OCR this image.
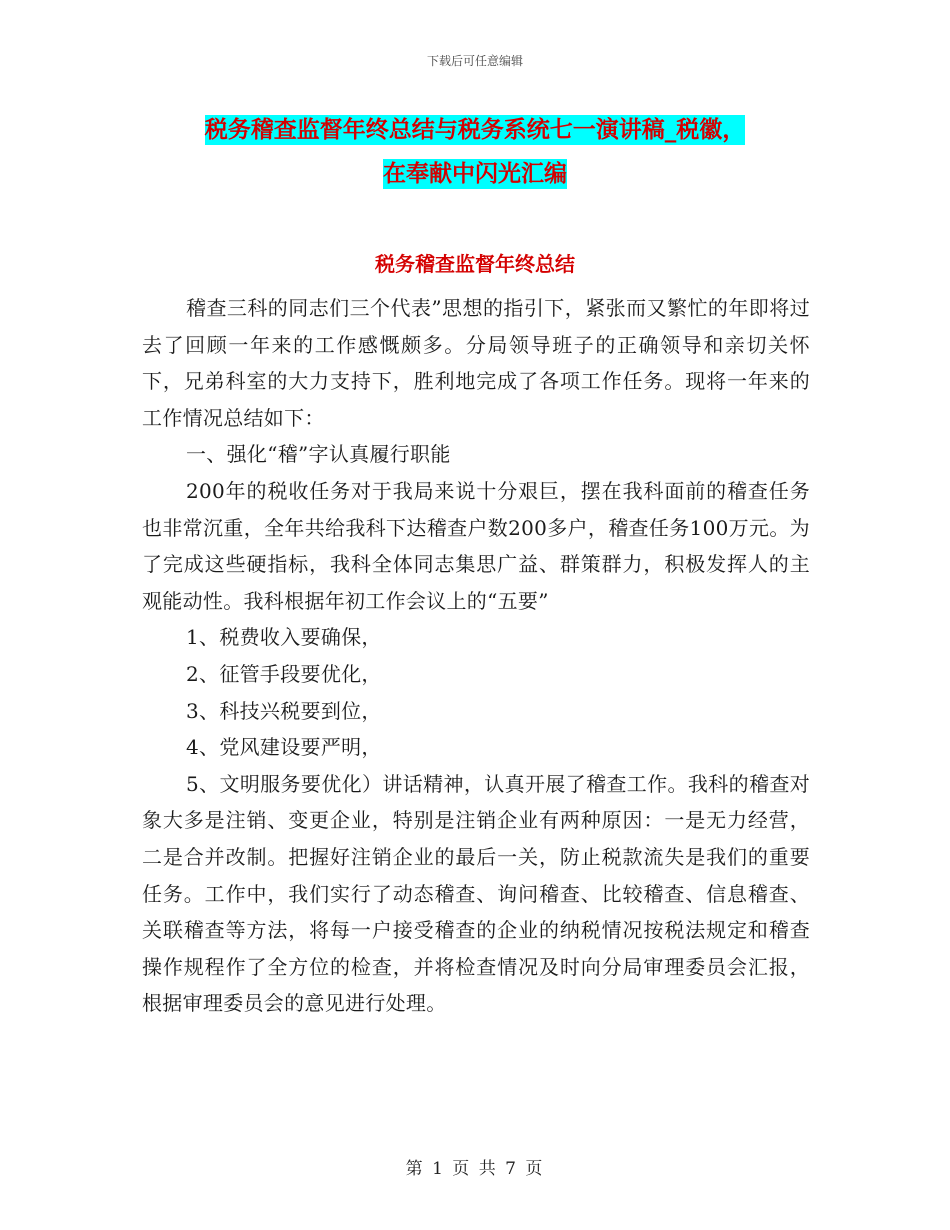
下载后可任意编辑
税务稽查监督年终总结与税务系统七一演讲稿_税徽，
在奉献中闪光汇编
税务稽查监督年终总结

稽查三科的同志们三个代表”思想的指引下，紧张而又繁忙的年即将过去了回顾一年来的工作感慨颇多。分局领导班子的正确领导和亲切关怀下，兄弟科室的大力支持下，胜利地完成了各项工作任务。现将一年来的工作情况总结如下：

一、强化“稽”字认真履行职能

200年的税收任务对于我局来说十分艰巨，摆在我科面前的稽查任务也非常沉重，全年共给我科下达稽查户数200多户，稽查任务100万元。为了完成这些硬指标，我科全体同志集思广益、群策群力，积极发挥人的主观能动性。我科根据年初工作会议上的“五要”

1、税费收入要确保，

2、征管手段要优化，

3、科技兴税要到位，

4、党风建设要严明，

5、文明服务要优化）讲话精神，认真开展了稽查工作。我科的稽查对象大多是注销、变更企业，特别是注销企业有两种原因：一是无力经营，二是合并改制。把握好注销企业的最后一关，防止税款流失是我们的重要任务。工作中，我们实行了动态稽查、询问稽查、比较稽查、信息稽查、关联稽查等方法，将每一户接受稽查的企业的纳税情况按税法规定和稽查操作规程作了全方位的检查，并将检查情况及时向分局审理委员会汇报，根据审理委员会的意见进行处理。

第 1 页 共 7 页
